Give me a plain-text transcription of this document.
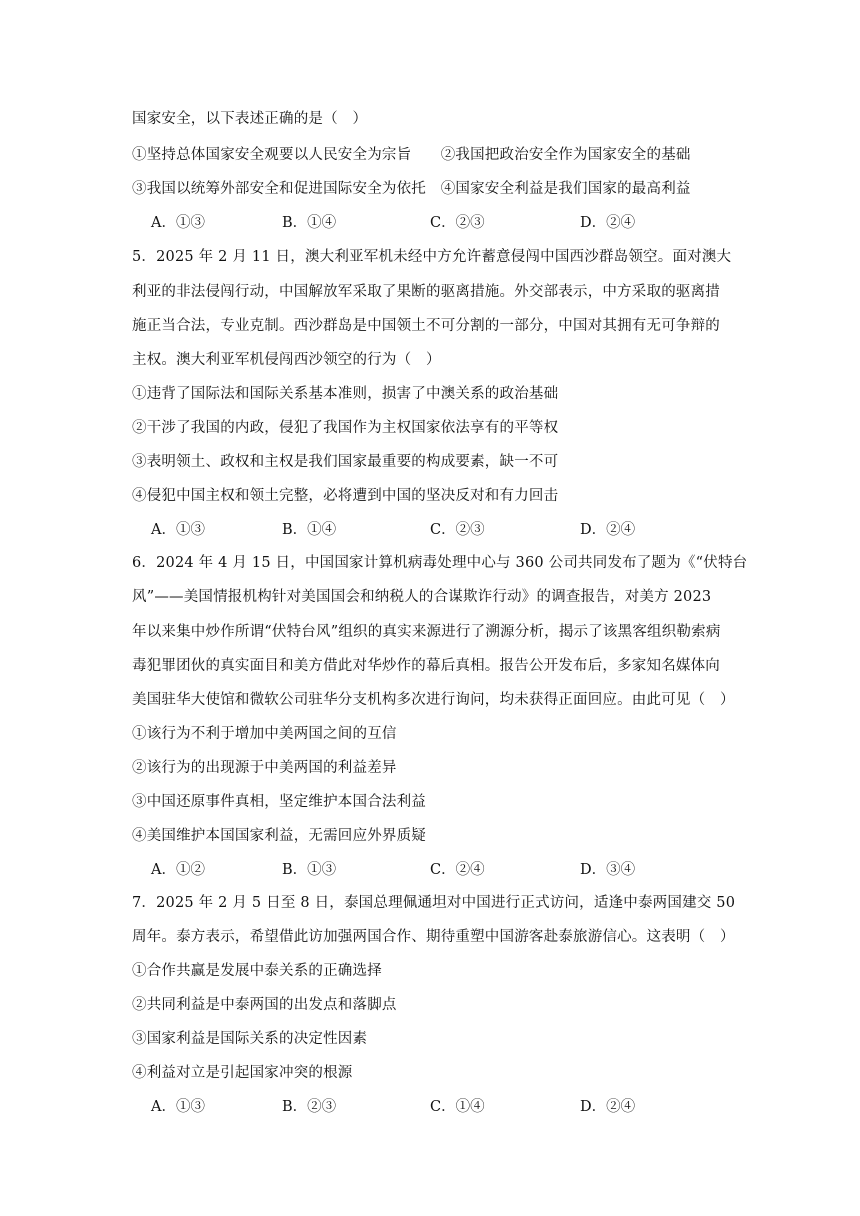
国家安全，以下表述正确的是（　）
①坚持总体国家安全观要以人民安全为宗旨　　②我国把政治安全作为国家安全的基础
③我国以统筹外部安全和促进国际安全为依托　④国家安全利益是我们国家的最高利益
A．①③	B．①④	C．②③	D．②④
5．2025 年 2 月 11 日，澳大利亚军机未经中方允许蓄意侵闯中国西沙群岛领空。面对澳大
利亚的非法侵闯行动，中国解放军采取了果断的驱离措施。外交部表示，中方采取的驱离措
施正当合法，专业克制。西沙群岛是中国领土不可分割的一部分，中国对其拥有无可争辩的
主权。澳大利亚军机侵闯西沙领空的行为（　）
①违背了国际法和国际关系基本准则，损害了中澳关系的政治基础
②干涉了我国的内政，侵犯了我国作为主权国家依法享有的平等权
③表明领土、政权和主权是我们国家最重要的构成要素，缺一不可
④侵犯中国主权和领土完整，必将遭到中国的坚决反对和有力回击
A．①③	B．①④	C．②③	D．②④
6．2024 年 4 月 15 日，中国国家计算机病毒处理中心与 360 公司共同发布了题为《“伏特台
风”——美国情报机构针对美国国会和纳税人的合谋欺诈行动》的调查报告，对美方 2023
年以来集中炒作所谓“伏特台风”组织的真实来源进行了溯源分析，揭示了该黑客组织勒索病
毒犯罪团伙的真实面目和美方借此对华炒作的幕后真相。报告公开发布后，多家知名媒体向
美国驻华大使馆和微软公司驻华分支机构多次进行询问，均未获得正面回应。由此可见（　）
①该行为不利于增加中美两国之间的互信
②该行为的出现源于中美两国的利益差异
③中国还原事件真相，坚定维护本国合法利益
④美国维护本国国家利益，无需回应外界质疑
A．①②	B．①③	C．②④	D．③④
7．2025 年 2 月 5 日至 8 日，泰国总理佩通坦对中国进行正式访问，适逢中泰两国建交 50
周年。泰方表示，希望借此访加强两国合作、期待重塑中国游客赴泰旅游信心。这表明（　）
①合作共赢是发展中泰关系的正确选择
②共同利益是中泰两国的出发点和落脚点
③国家利益是国际关系的决定性因素
④利益对立是引起国家冲突的根源
A．①③	B．②③	C．①④	D．②④
